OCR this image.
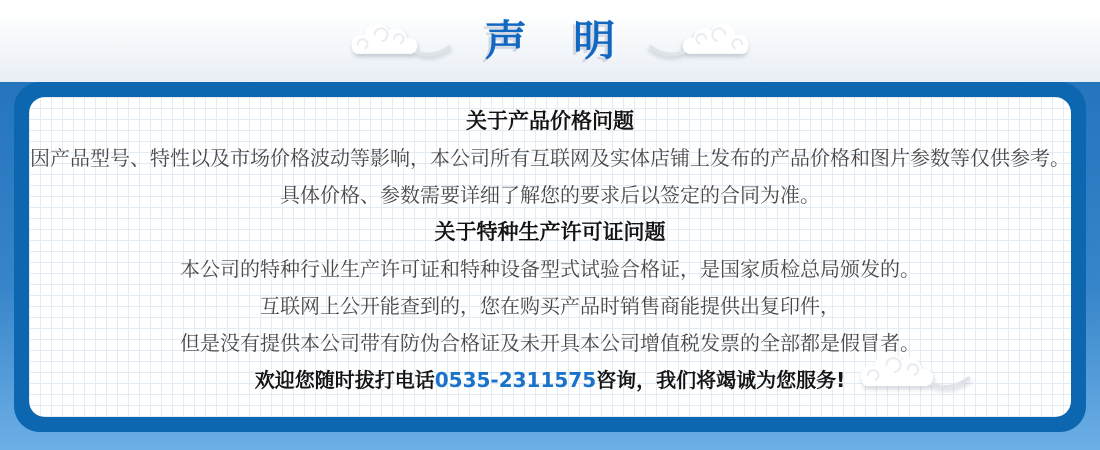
声 明
关于产品价格问题
因产品型号、特性以及市场价格波动等影响，本公司所有互联网及实体店铺上发布的产品价格和图片参数等仅供参考。
具体价格、参数需要详细了解您的要求后以签定的合同为准。
关于特种生产许可证问题
本公司的特种行业生产许可证和特种设备型式试验合格证，是国家质检总局颁发的。
互联网上公开能查到的，您在购买产品时销售商能提供出复印件，
但是没有提供本公司带有防伪合格证及未开具本公司增值税发票的全部都是假冒者。
欢迎您随时拔打电话0535-2311575咨询，我们将竭诚为您服务!
